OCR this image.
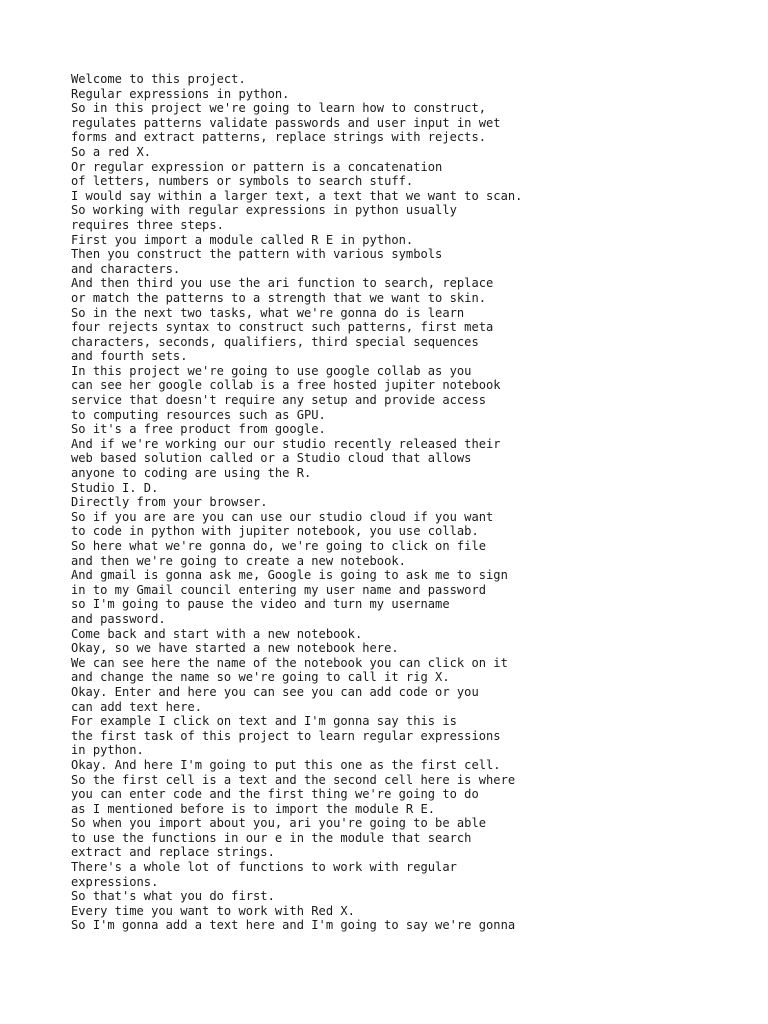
Welcome to this project.
Regular expressions in python.
So in this project we're going to learn how to construct,
regulates patterns validate passwords and user input in wet
forms and extract patterns, replace strings with rejects.
So a red X.
Or regular expression or pattern is a concatenation
of letters, numbers or symbols to search stuff.
I would say within a larger text, a text that we want to scan.
So working with regular expressions in python usually
requires three steps.
First you import a module called R E in python.
Then you construct the pattern with various symbols
and characters.
And then third you use the ari function to search, replace
or match the patterns to a strength that we want to skin.
So in the next two tasks, what we're gonna do is learn
four rejects syntax to construct such patterns, first meta
characters, seconds, qualifiers, third special sequences
and fourth sets.
In this project we're going to use google collab as you
can see her google collab is a free hosted jupiter notebook
service that doesn't require any setup and provide access
to computing resources such as GPU.
So it's a free product from google.
And if we're working our our studio recently released their
web based solution called or a Studio cloud that allows
anyone to coding are using the R.
Studio I. D.
Directly from your browser.
So if you are are you can use our studio cloud if you want
to code in python with jupiter notebook, you use collab.
So here what we're gonna do, we're going to click on file
and then we're going to create a new notebook.
And gmail is gonna ask me, Google is going to ask me to sign
in to my Gmail council entering my user name and password
so I'm going to pause the video and turn my username
and password.
Come back and start with a new notebook.
Okay, so we have started a new notebook here.
We can see here the name of the notebook you can click on it
and change the name so we're going to call it rig X.
Okay. Enter and here you can see you can add code or you
can add text here.
For example I click on text and I'm gonna say this is
the first task of this project to learn regular expressions
in python.
Okay. And here I'm going to put this one as the first cell.
So the first cell is a text and the second cell here is where
you can enter code and the first thing we're going to do
as I mentioned before is to import the module R E.
So when you import about you, ari you're going to be able
to use the functions in our e in the module that search
extract and replace strings.
There's a whole lot of functions to work with regular
expressions.
So that's what you do first.
Every time you want to work with Red X.
So I'm gonna add a text here and I'm going to say we're gonna
